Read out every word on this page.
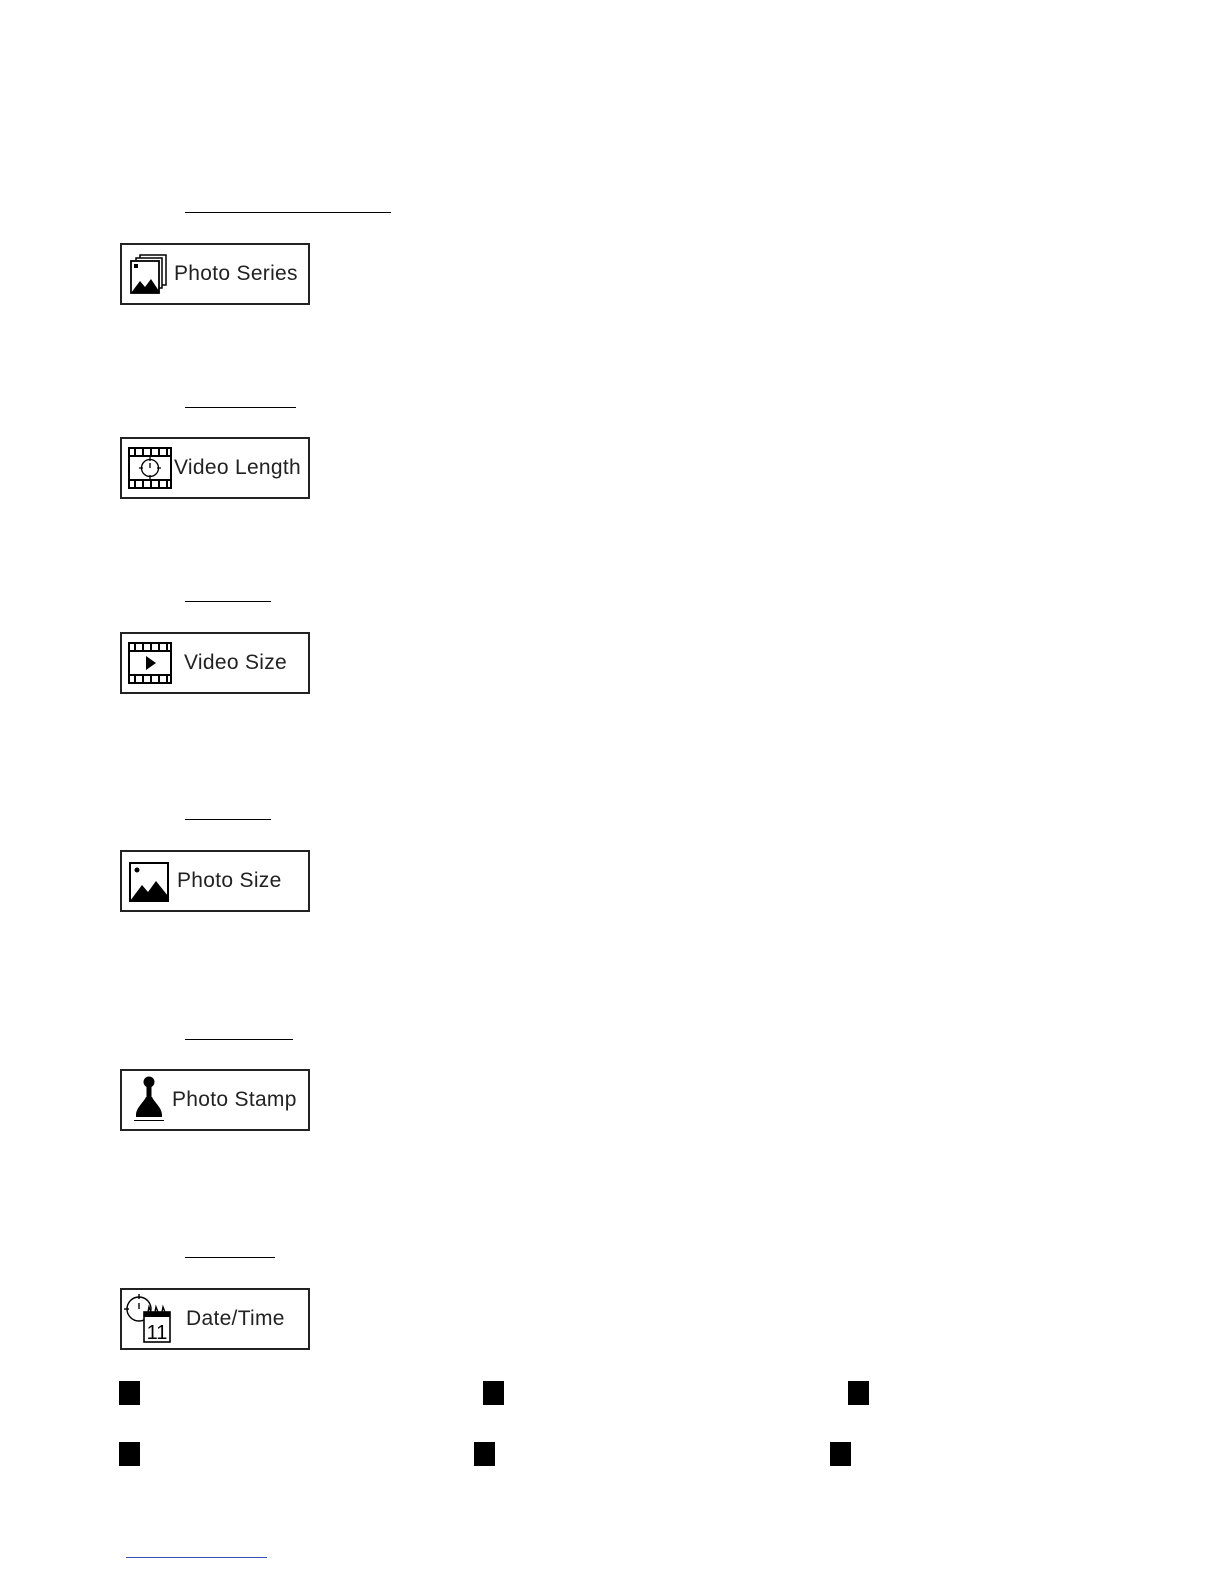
Photo Series
Video Length
Video Size
Photo Size
Photo Stamp
11
Date/Time
